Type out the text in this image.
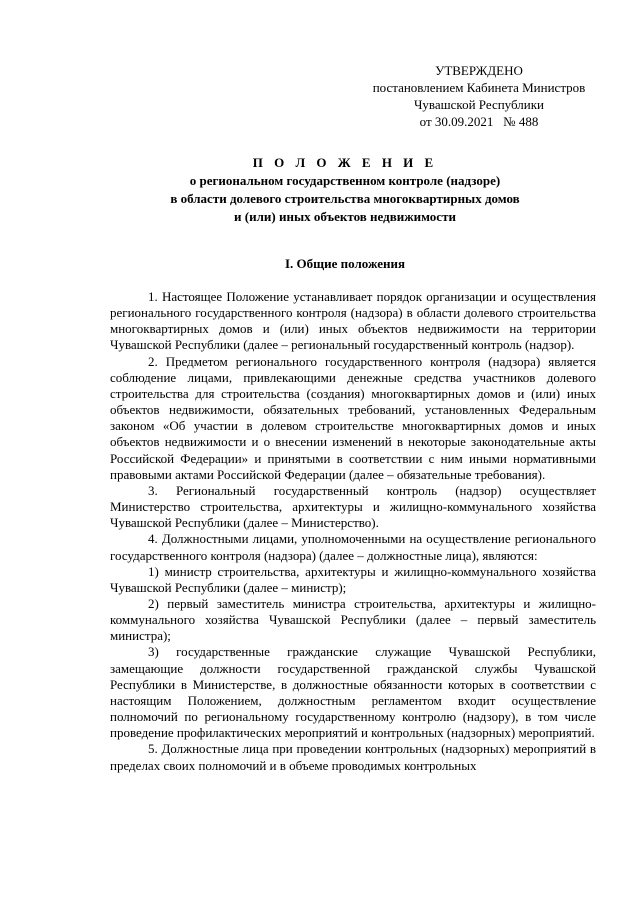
УТВЕРЖДЕНО
постановлением Кабинета Министров
Чувашской Республики
от 30.09.2021   № 488
П О Л О Ж Е Н И Е
о региональном государственном контроле (надзоре)
в области долевого строительства многоквартирных домов
и (или) иных объектов недвижимости
I. Общие положения

1. Настоящее Положение устанавливает порядок организации и осуществления регионального государственного контроля (надзора) в области долевого строительства многоквартирных домов и (или) иных объектов недвижимости на территории Чувашской Республики (далее – региональный государственный контроль (надзор).

2. Предметом регионального государственного контроля (надзора) является соблюдение лицами, привлекающими денежные средства участников долевого строительства для строительства (создания) многоквартирных домов и (или) иных объектов недвижимости, обязательных требований, установленных Федеральным законом «Об участии в долевом строительстве многоквартирных домов и иных объектов недвижимости и о внесении изменений в некоторые законодательные акты Российской Федерации» и принятыми в соответствии с ним иными нормативными правовыми актами Российской Федерации (далее – обязательные требования).

3. Региональный государственный контроль (надзор) осуществляет Министерство строительства, архитектуры и жилищно-коммунального хозяйства Чувашской Республики (далее – Министерство).

4. Должностными лицами, уполномоченными на осуществление регионального государственного контроля (надзора) (далее – должностные лица), являются:

1) министр строительства, архитектуры и жилищно-коммунального хозяйства Чувашской Республики (далее – министр);

2) первый заместитель министра строительства, архитектуры и жилищно-коммунального хозяйства Чувашской Республики (далее – первый заместитель министра);

3) государственные гражданские служащие Чувашской Республики, замещающие должности государственной гражданской службы Чувашской Республики в Министерстве, в должностные обязанности которых в соответствии с настоящим Положением, должностным регламентом входит осуществление полномочий по региональному государственному контролю (надзору), в том числе проведение профилактических мероприятий и контрольных (надзорных) мероприятий.

5. Должностные лица при проведении контрольных (надзорных) мероприятий в пределах своих полномочий и в объеме проводимых контрольных
